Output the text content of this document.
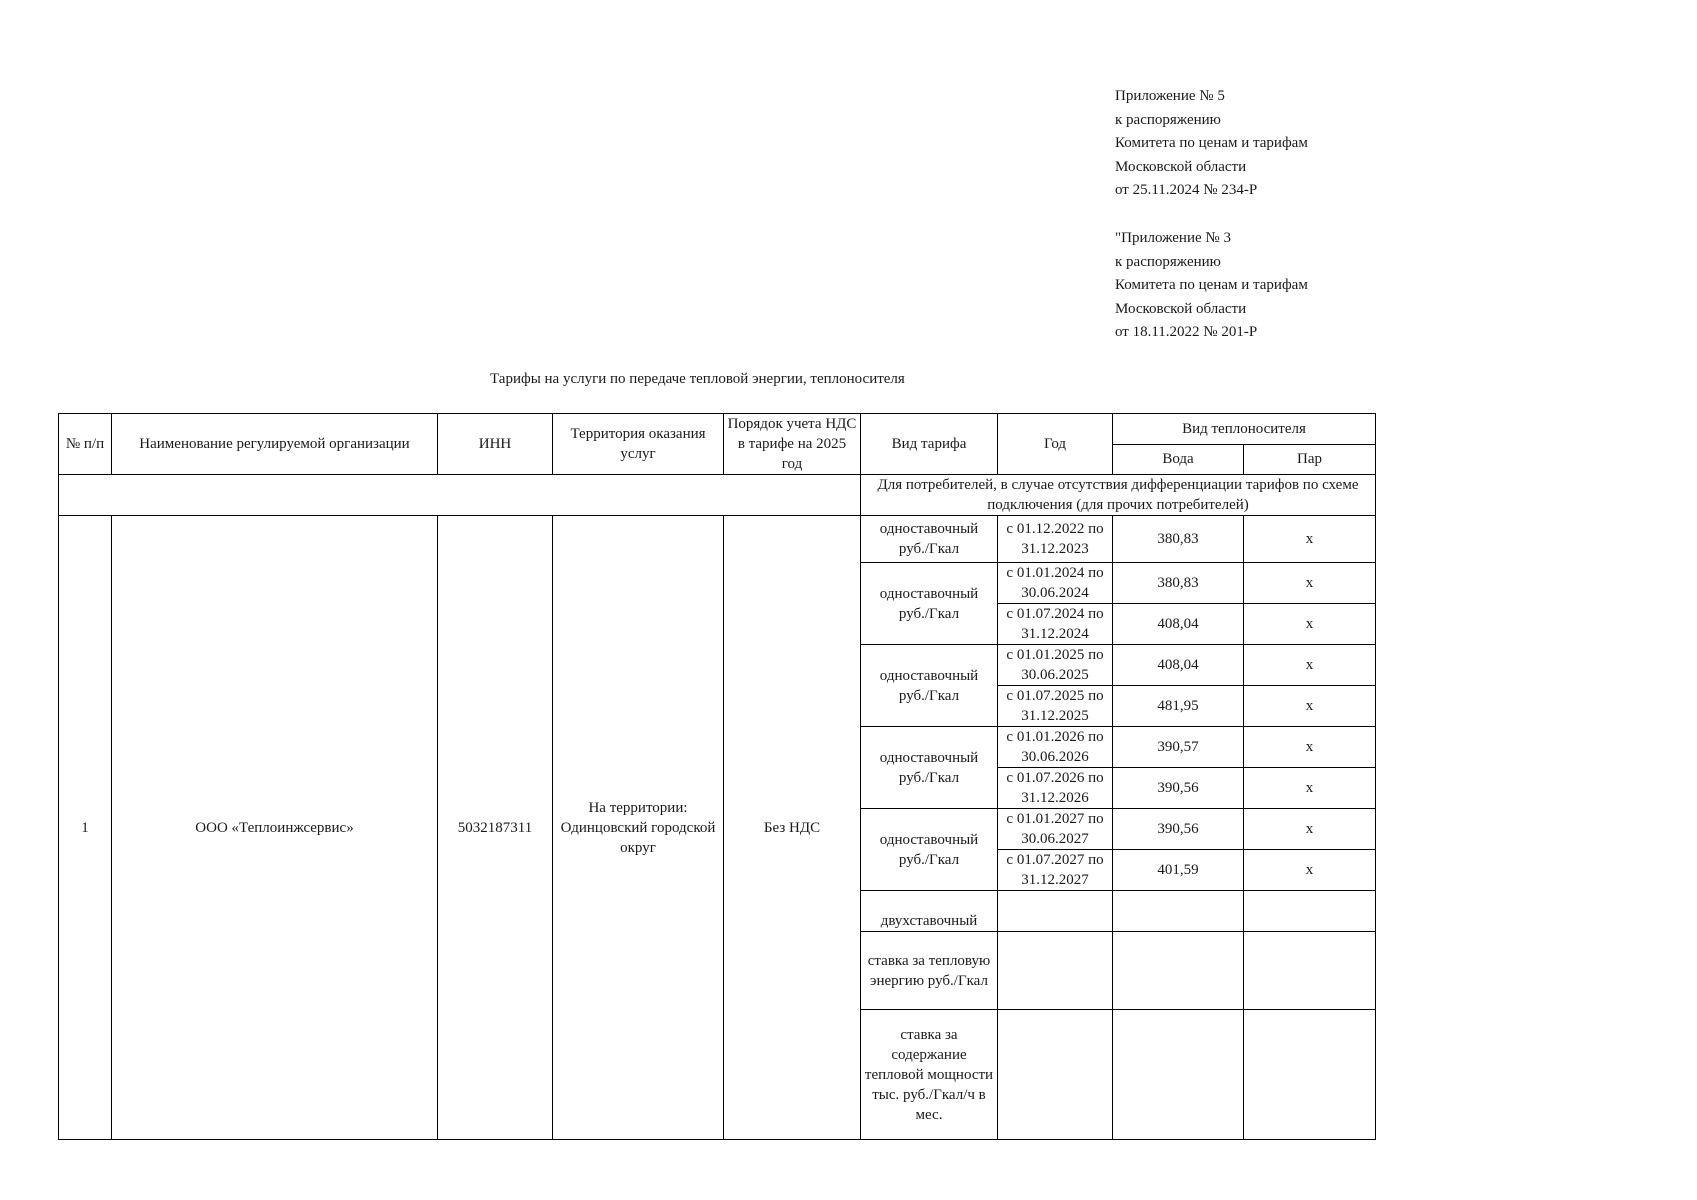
Приложение № 5
к распоряжению
Комитета по ценам и тарифам
Московской области
от 25.11.2024 № 234-Р
"Приложение № 3
к распоряжению
Комитета по ценам и тарифам
Московской области
от 18.11.2022 № 201-Р
Тарифы на услуги по передаче тепловой энергии, теплоносителя
№ п/п	Наименование регулируемой организации	ИНН	Территория оказания услуг	Порядок учета НДС в тарифе на 2025 год	Вид тарифа	Год	Вид теплоносителя	
							Вода	Пар
					Для потребителей, в случае отсутствия дифференциации тарифов по схеме подключения (для прочих потребителей)			
1	ООО «Теплоинжсервис»	5032187311	На территории: Одинцовский городской округ	Без НДС	одноставочный руб./Гкал	с 01.12.2022 по 31.12.2023	380,83	х
					одноставочный руб./Гкал	с 01.01.2024 по 30.06.2024	380,83	х
						с 01.07.2024 по 31.12.2024	408,04	х
					одноставочный руб./Гкал	с 01.01.2025 по 30.06.2025	408,04	х
						с 01.07.2025 по 31.12.2025	481,95	х
					одноставочный руб./Гкал	с 01.01.2026 по 30.06.2026	390,57	х
						с 01.07.2026 по 31.12.2026	390,56	х
					одноставочный руб./Гкал	с 01.01.2027 по 30.06.2027	390,56	х
						с 01.07.2027 по 31.12.2027	401,59	х
					двухставочный			
					ставка за тепловую энергию руб./Гкал			
					ставка за содержание тепловой мощности тыс. руб./Гкал/ч в мес.			
